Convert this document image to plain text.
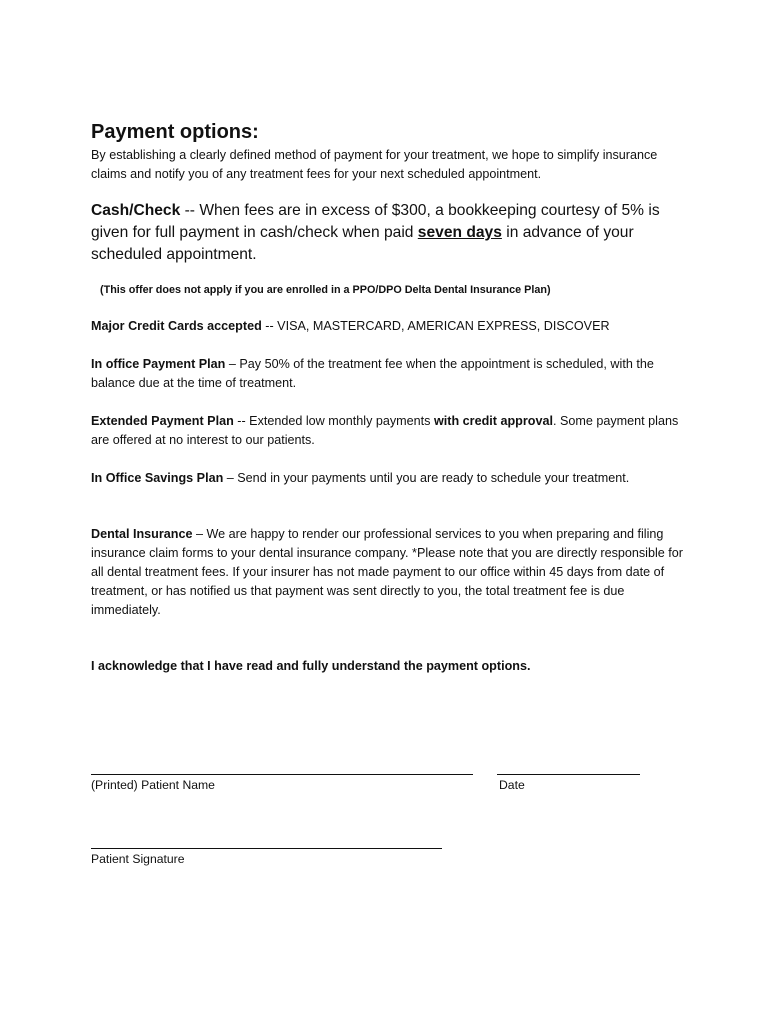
Payment options:

By establishing a clearly defined method of payment for your treatment, we hope to simplify insurance claims and notify you of any treatment fees for your next scheduled appointment.

Cash/Check -- When fees are in excess of $300, a bookkeeping courtesy of 5% is given for full payment in cash/check when paid seven days in advance of your scheduled appointment.

(This offer does not apply if you are enrolled in a PPO/DPO Delta Dental Insurance Plan)

Major Credit Cards accepted -- VISA, MASTERCARD, AMERICAN EXPRESS, DISCOVER

In office Payment Plan – Pay 50% of the treatment fee when the appointment is scheduled, with the balance due at the time of treatment.

Extended Payment Plan -- Extended low monthly payments with credit approval. Some payment plans are offered at no interest to our patients.

In Office Savings Plan – Send in your payments until you are ready to schedule your treatment.

Dental Insurance – We are happy to render our professional services to you when preparing and filing insurance claim forms to your dental insurance company. *Please note that you are directly responsible for all dental treatment fees. If your insurer has not made payment to our office within 45 days from date of treatment, or has notified us that payment was sent directly to you, the total treatment fee is due immediately.

I acknowledge that I have read and fully understand the payment options.

(Printed) Patient Name	Date
Patient Signature
